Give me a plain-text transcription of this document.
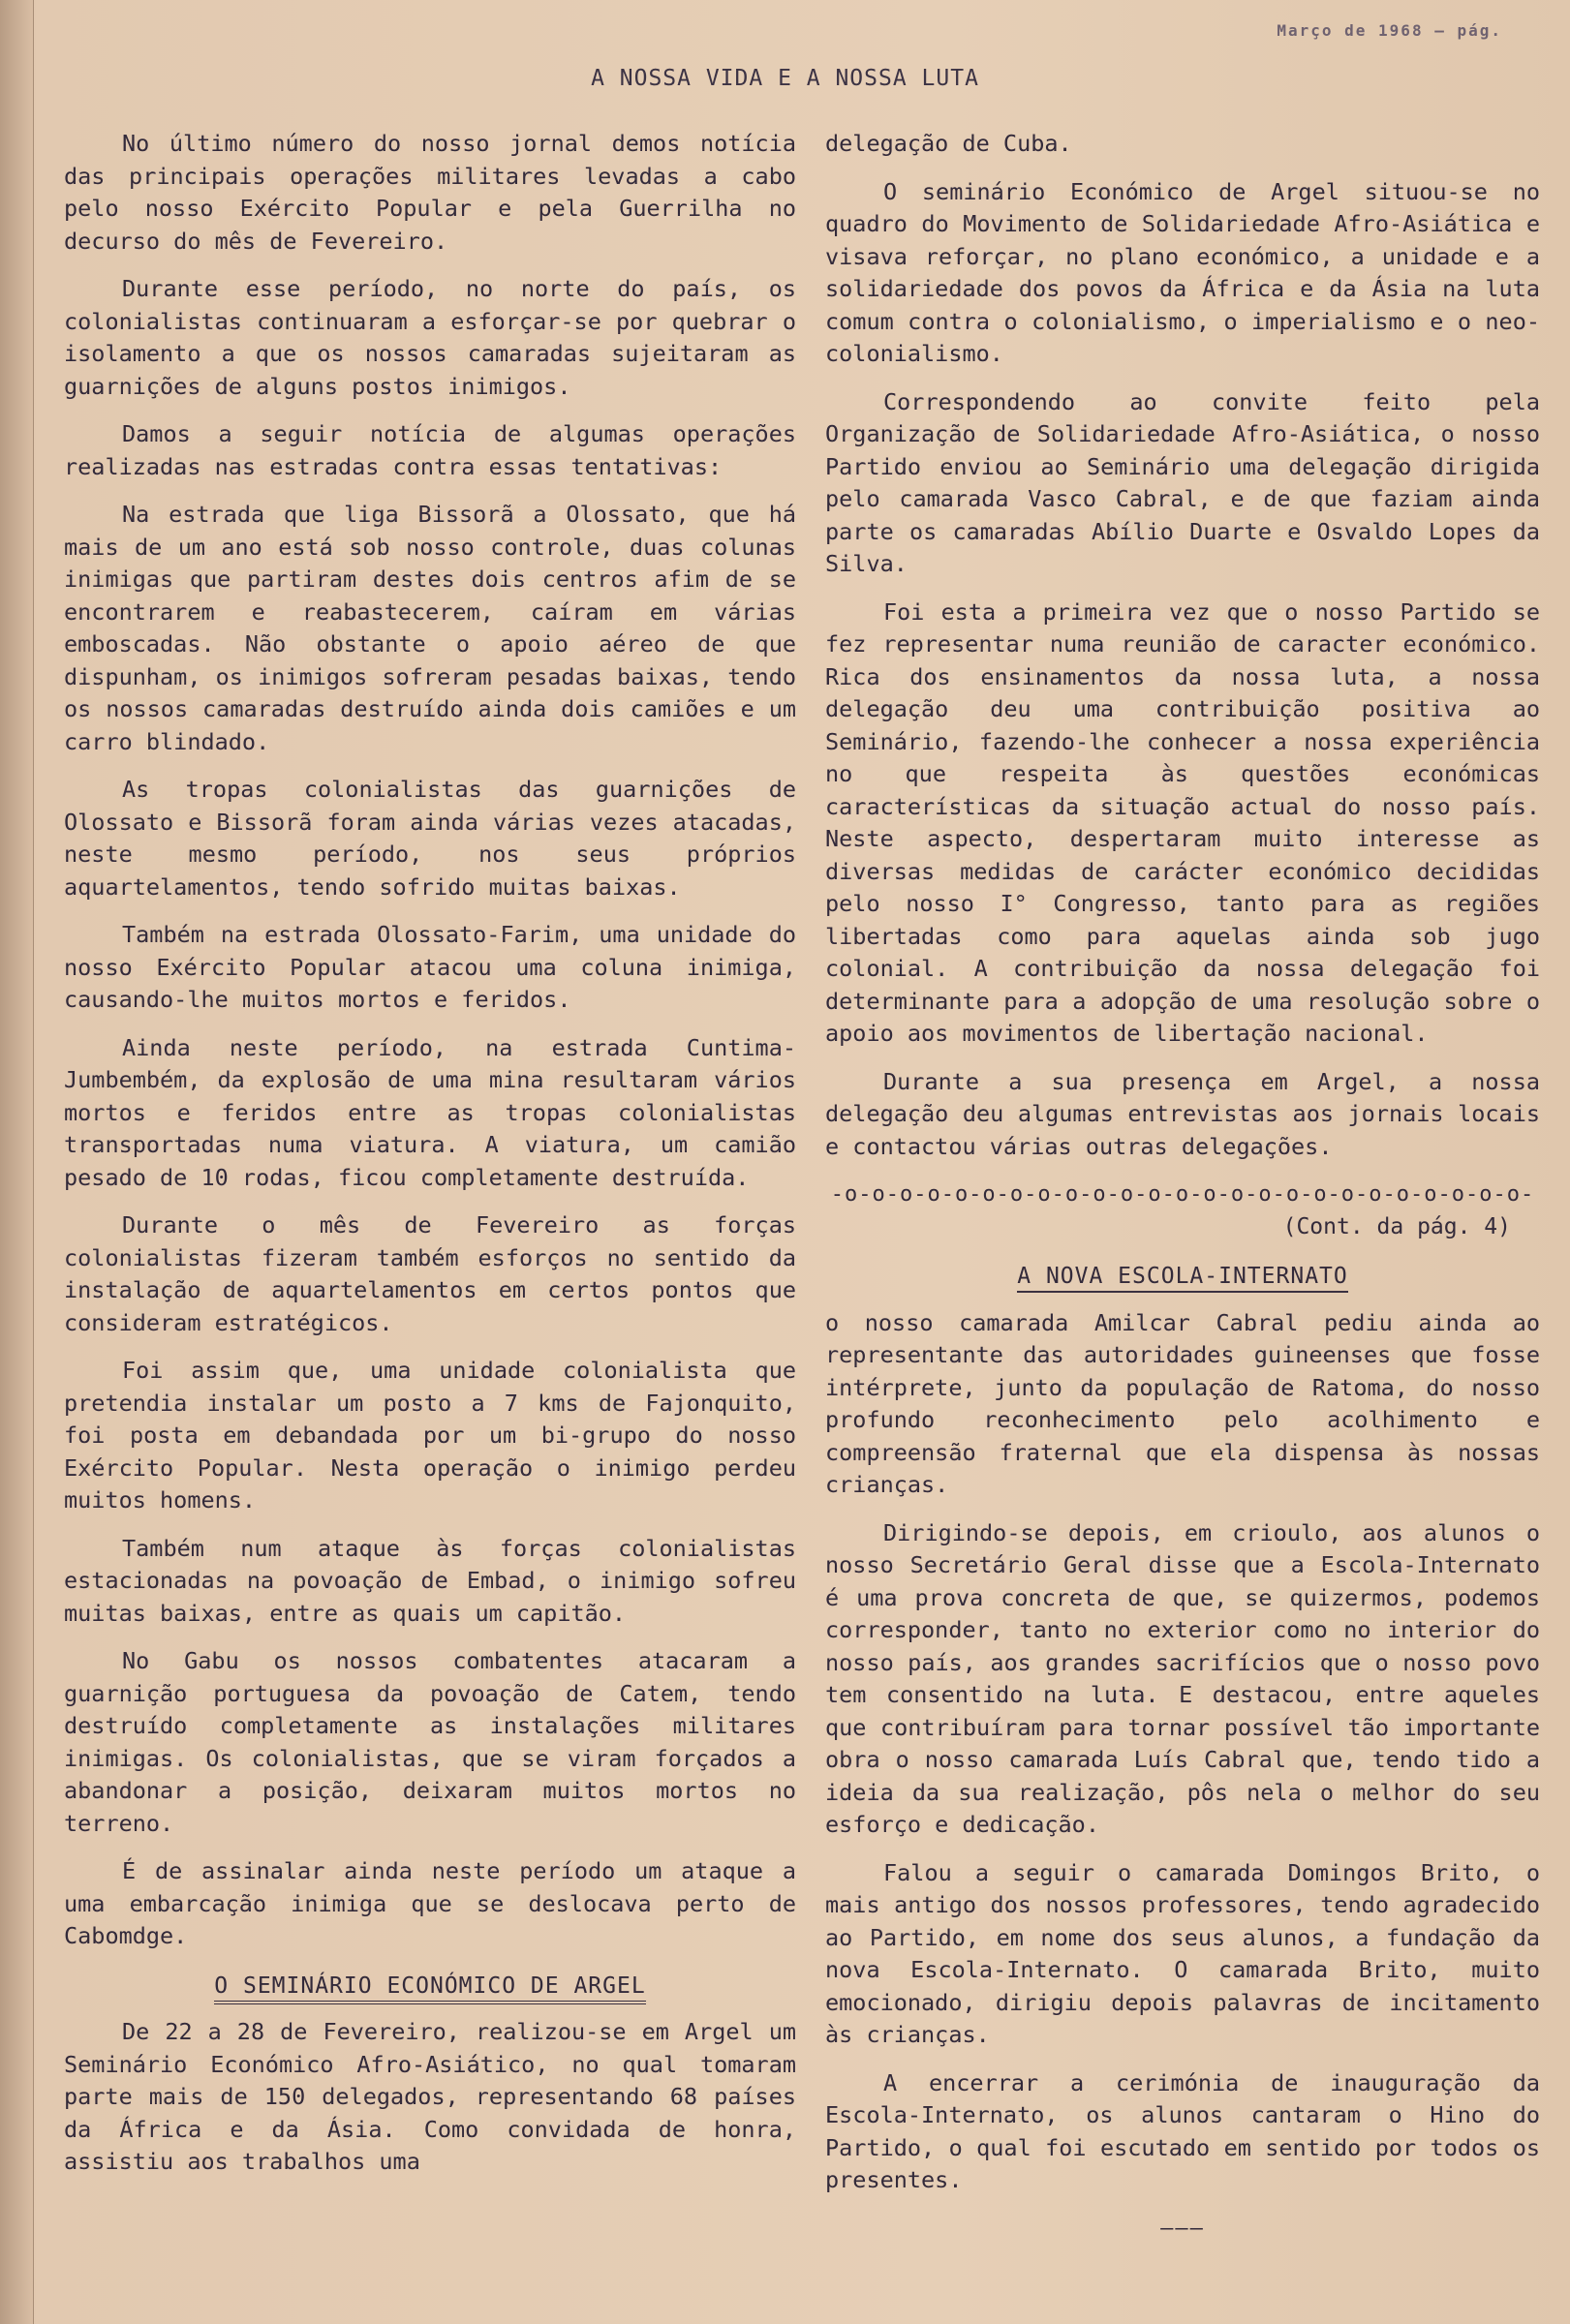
Março de 1968 – pág.
A NOSSA VIDA E A NOSSA LUTA

No último número do nosso jornal demos notícia das principais operações militares levadas a cabo pelo nosso Exército Popular e pela Guerrilha no decurso do mês de Fevereiro.

Durante esse período, no norte do país, os colonialistas continuaram a esforçar-se por quebrar o isolamento a que os nossos camaradas sujeitaram as guarnições de alguns postos inimigos.

Damos a seguir notícia de algumas operações realizadas nas estradas contra essas tentativas:

Na estrada que liga Bissorã a Olossato, que há mais de um ano está sob nosso controle, duas colunas inimigas que partiram destes dois centros afim de se encontrarem e reabastecerem, caíram em várias emboscadas. Não obstante o apoio aéreo de que dispunham, os inimigos sofreram pesadas baixas, tendo os nossos camaradas destruído ainda dois camiões e um carro blindado.

As tropas colonialistas das guarnições de Olossato e Bissorã foram ainda várias vezes atacadas, neste mesmo período, nos seus próprios aquartelamentos, tendo sofrido muitas baixas.

Também na estrada Olossato-Farim, uma unidade do nosso Exército Popular atacou uma coluna inimiga, causando-lhe muitos mortos e feridos.

Ainda neste período, na estrada Cuntima-Jumbembém, da explosão de uma mina resultaram vários mortos e feridos entre as tropas colonialistas transportadas numa viatura. A viatura, um camião pesado de 10 rodas, ficou completamente destruída.

Durante o mês de Fevereiro as forças colonialistas fizeram também esforços no sentido da instalação de aquartelamentos em certos pontos que consideram estratégicos.

Foi assim que, uma unidade colonialista que pretendia instalar um posto a 7 kms de Fajonquito, foi posta em debandada por um bi-grupo do nosso Exército Popular. Nesta operação o inimigo perdeu muitos homens.

Também num ataque às forças colonialistas estacionadas na povoação de Embad, o inimigo sofreu muitas baixas, entre as quais um capitão.

No Gabu os nossos combatentes atacaram a guarnição portuguesa da povoação de Catem, tendo destruído completamente as instalações militares inimigas. Os colonialistas, que se viram forçados a abandonar a posição, deixaram muitos mortos no terreno.

É de assinalar ainda neste período um ataque a uma embarcação inimiga que se deslocava perto de Cabomdge.

O SEMINÁRIO ECONÓMICO DE ARGEL

De 22 a 28 de Fevereiro, realizou-se em Argel um Seminário Económico Afro-Asiático, no qual tomaram parte mais de 150 delegados, representando 68 países da África e da Ásia. Como convidada de honra, assistiu aos trabalhos uma

delegação de Cuba.

O seminário Económico de Argel situou-se no quadro do Movimento de Solidariedade Afro-Asiática e visava reforçar, no plano económico, a unidade e a solidariedade dos povos da África e da Ásia na luta comum contra o colonialismo, o imperialismo e o neo-colonialismo.

Correspondendo ao convite feito pela Organização de Solidariedade Afro-Asiática, o nosso Partido enviou ao Seminário uma delegação dirigida pelo camarada Vasco Cabral, e de que faziam ainda parte os camaradas Abílio Duarte e Osvaldo Lopes da Silva.

Foi esta a primeira vez que o nosso Partido se fez representar numa reunião de caracter económico. Rica dos ensinamentos da nossa luta, a nossa delegação deu uma contribuição positiva ao Seminário, fazendo-lhe conhecer a nossa experiência no que respeita às questões económicas características da situação actual do nosso país. Neste aspecto, despertaram muito interesse as diversas medidas de carácter económico decididas pelo nosso I° Congresso, tanto para as regiões libertadas como para aquelas ainda sob jugo colonial. A contribuição da nossa delegação foi determinante para a adopção de uma resolução sobre o apoio aos movimentos de libertação nacional.

Durante a sua presença em Argel, a nossa delegação deu algumas entrevistas aos jornais locais e contactou várias outras delegações.

-o-o-o-o-o-o-o-o-o-o-o-o-o-o-o-o-o-o-o-o-o-o-o-o-o-
(Cont. da pág. 4)
A NOVA ESCOLA-INTERNATO

o nosso camarada Amilcar Cabral pediu ainda ao representante das autoridades guineenses que fosse intérprete, junto da população de Ratoma, do nosso profundo reconhecimento pelo acolhimento e compreensão fraternal que ela dispensa às nossas crianças.

Dirigindo-se depois, em crioulo, aos alunos o nosso Secretário Geral disse que a Escola-Internato é uma prova concreta de que, se quizermos, podemos corresponder, tanto no exterior como no interior do nosso país, aos grandes sacrifícios que o nosso povo tem consentido na luta. E destacou, entre aqueles que contribuíram para tornar possível tão importante obra o nosso camarada Luís Cabral que, tendo tido a ideia da sua realização, pôs nela o melhor do seu esforço e dedicação.

Falou a seguir o camarada Domingos Brito, o mais antigo dos nossos professores, tendo agradecido ao Partido, em nome dos seus alunos, a fundação da nova Escola-Internato. O camarada Brito, muito emocionado, dirigiu depois palavras de incitamento às crianças.

A encerrar a cerimónia de inauguração da Escola-Internato, os alunos cantaram o Hino do Partido, o qual foi escutado em sentido por todos os presentes.

———
